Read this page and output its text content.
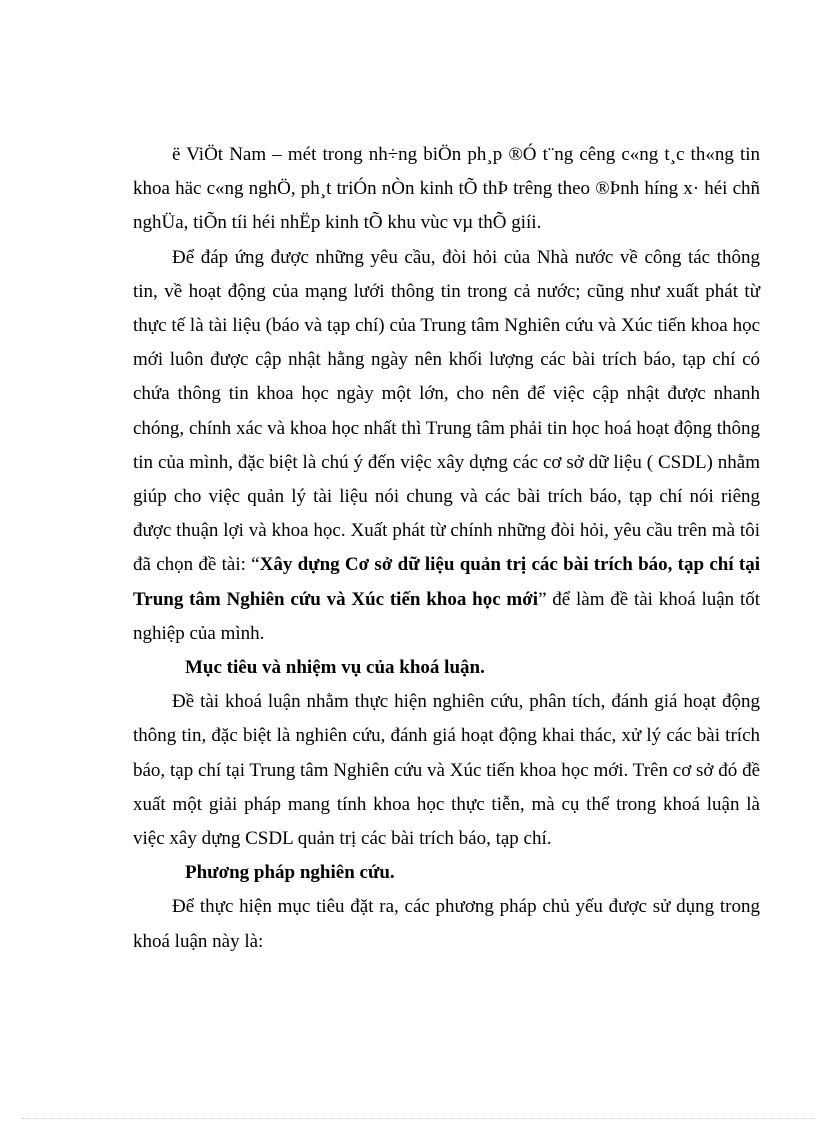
ë ViÖt Nam – mét trong nh÷ng biÖn ph¸p ®Ó t¨ng cêng c«ng t¸c th«ng tin khoa häc c«ng nghÖ, ph¸t triÓn nÒn kinh tÕ thÞ trêng theo ®Þnh híng x· héi chñ nghÜa, tiÕn tíi héi nhËp kinh tÕ khu vùc vµ thÕ giíi.

Để đáp ứng được những yêu cầu, đòi hỏi của Nhà nước về công tác thông tin, về hoạt động của mạng lưới thông tin trong cả nước; cũng như xuất phát từ thực tế là tài liệu (báo và tạp chí) của Trung tâm Nghiên cứu và Xúc tiến khoa học mới luôn được cập nhật hằng ngày nên khối lượng các bài trích báo, tạp chí có chứa thông tin khoa học ngày một lớn, cho nên để việc cập nhật được nhanh chóng, chính xác và khoa học nhất thì Trung tâm phải tin học hoá hoạt động thông tin của mình, đặc biệt là chú ý đến việc xây dựng các cơ sở dữ liệu ( CSDL) nhằm giúp cho việc quản lý tài liệu nói chung và các bài trích báo, tạp chí nói riêng được thuận lợi và khoa học. Xuất phát từ chính những đòi hỏi, yêu cầu trên mà tôi đã chọn đề tài: “Xây dựng Cơ sở dữ liệu quản trị các bài trích báo, tạp chí tại Trung tâm Nghiên cứu và Xúc tiến khoa học mới” để làm đề tài khoá luận tốt nghiệp của mình.

Mục tiêu và nhiệm vụ của khoá luận.

Đề tài khoá luận nhằm thực hiện nghiên cứu, phân tích, đánh giá hoạt động thông tin, đặc biệt là nghiên cứu, đánh giá hoạt động khai thác, xử lý các bài trích báo, tạp chí tại Trung tâm Nghiên cứu và Xúc tiến khoa học mới. Trên cơ sở đó đề xuất một giải pháp mang tính khoa học thực tiễn, mà cụ thể trong khoá luận là việc xây dựng CSDL quản trị các bài trích báo, tạp chí.

Phương pháp nghiên cứu.

Để thực hiện mục tiêu đặt ra, các phương pháp chủ yếu được sử dụng trong khoá luận này là:
